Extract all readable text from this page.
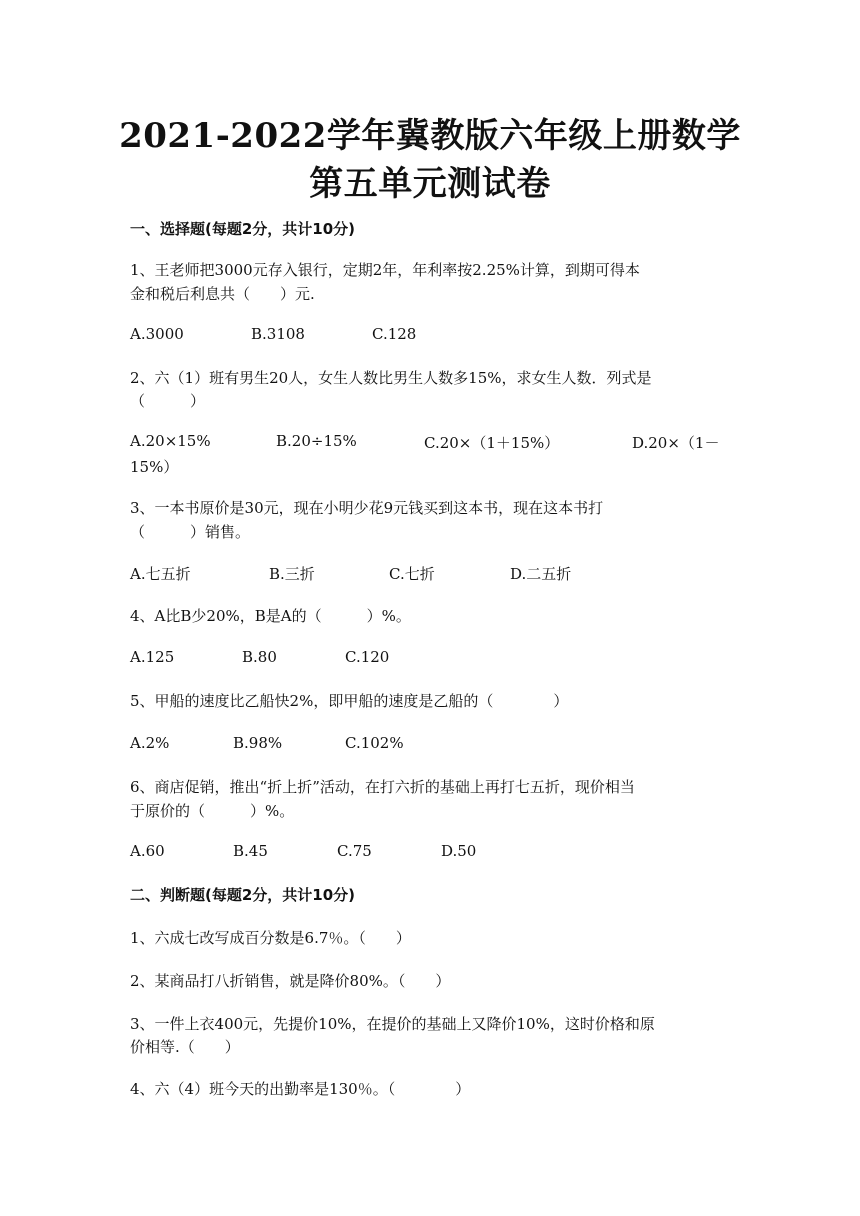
2021-2022学年冀教版六年级上册数学
第五单元测试卷
一、选择题(每题2分，共计10分)
1、王老师把3000元存入银行，定期2年，年利率按2.25%计算，到期可得本
金和税后利息共（　　）元.
A.3000	B.3108	C.128
2、六（1）班有男生20人，女生人数比男生人数多15%，求女生人数．列式是
（　　　）
A.20×15%	B.20÷15%	C.20×（1＋15%）	D.20×（1－
15%）
3、一本书原价是30元，现在小明少花9元钱买到这本书，现在这本书打
（　　　）销售。
A.七五折	B.三折	C.七折	D.二五折
4、A比B少20%，B是A的（　　　）%。
A.125	B.80	C.120
5、甲船的速度比乙船快2%，即甲船的速度是乙船的（　　　　）
A.2%	B.98%	C.102%
6、商店促销，推出“折上折”活动，在打六折的基础上再打七五折，现价相当
于原价的（　　　）%。
A.60	B.45	C.75	D.50
二、判断题(每题2分，共计10分)
1、六成七改写成百分数是6.7％。（　　）
2、某商品打八折销售，就是降价80%。（　　）
3、一件上衣400元，先提价10%，在提价的基础上又降价10%，这时价格和原
价相等.（　　）
4、六（4）班今天的出勤率是130％。（　　　　）
